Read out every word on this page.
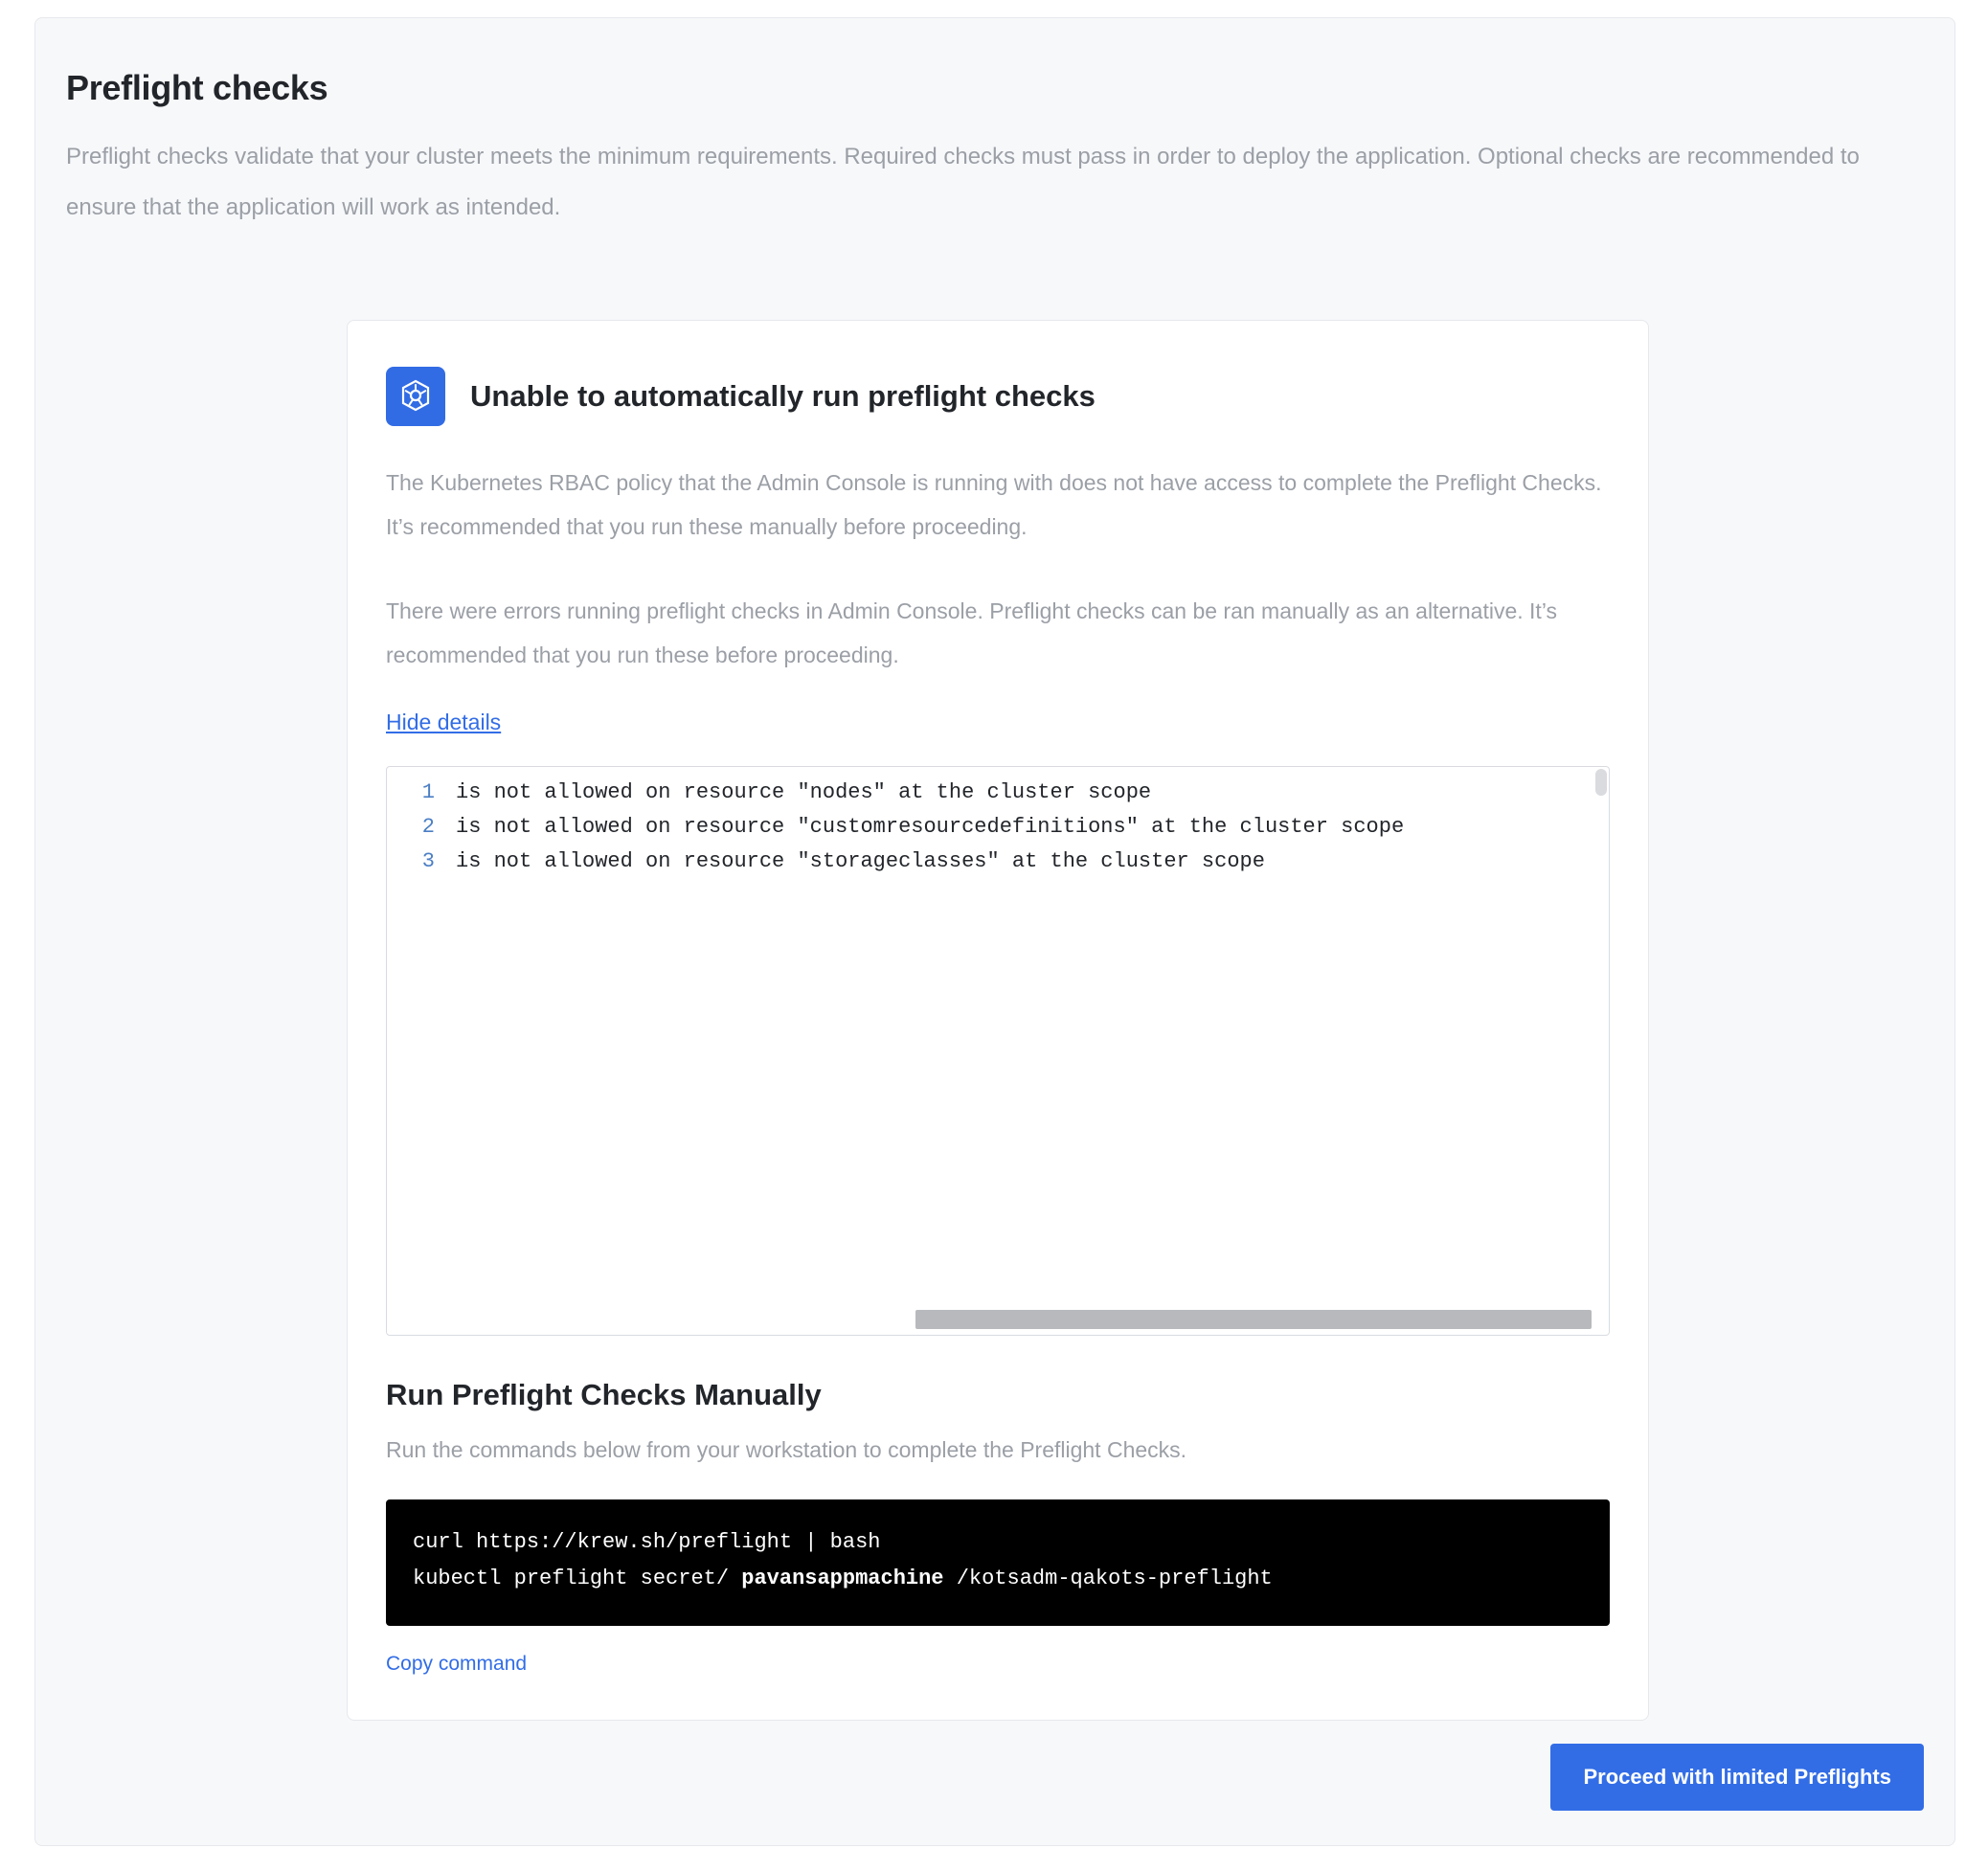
Preflight checks
Preflight checks validate that your cluster meets the minimum requirements. Required checks must pass in order to deploy the application. Optional checks are recommended to ensure that the application will work as intended.
Unable to automatically run preflight checks
The Kubernetes RBAC policy that the Admin Console is running with does not have access to complete the Preflight Checks. It’s recommended that you run these manually before proceeding.
There were errors running preflight checks in Admin Console. Preflight checks can be ran manually as an alternative. It’s recommended that you run these before proceeding.
Hide details
1	is not allowed on resource "nodes" at the cluster scope
2	is not allowed on resource "customresourcedefinitions" at the cluster scope
3	is not allowed on resource "storageclasses" at the cluster scope
Run Preflight Checks Manually
Run the commands below from your workstation to complete the Preflight Checks.
curl https://krew.sh/preflight | bash
kubectl preflight secret/ pavansappmachine /kotsadm-qakots-preflight
Copy command
Proceed with limited Preflights
